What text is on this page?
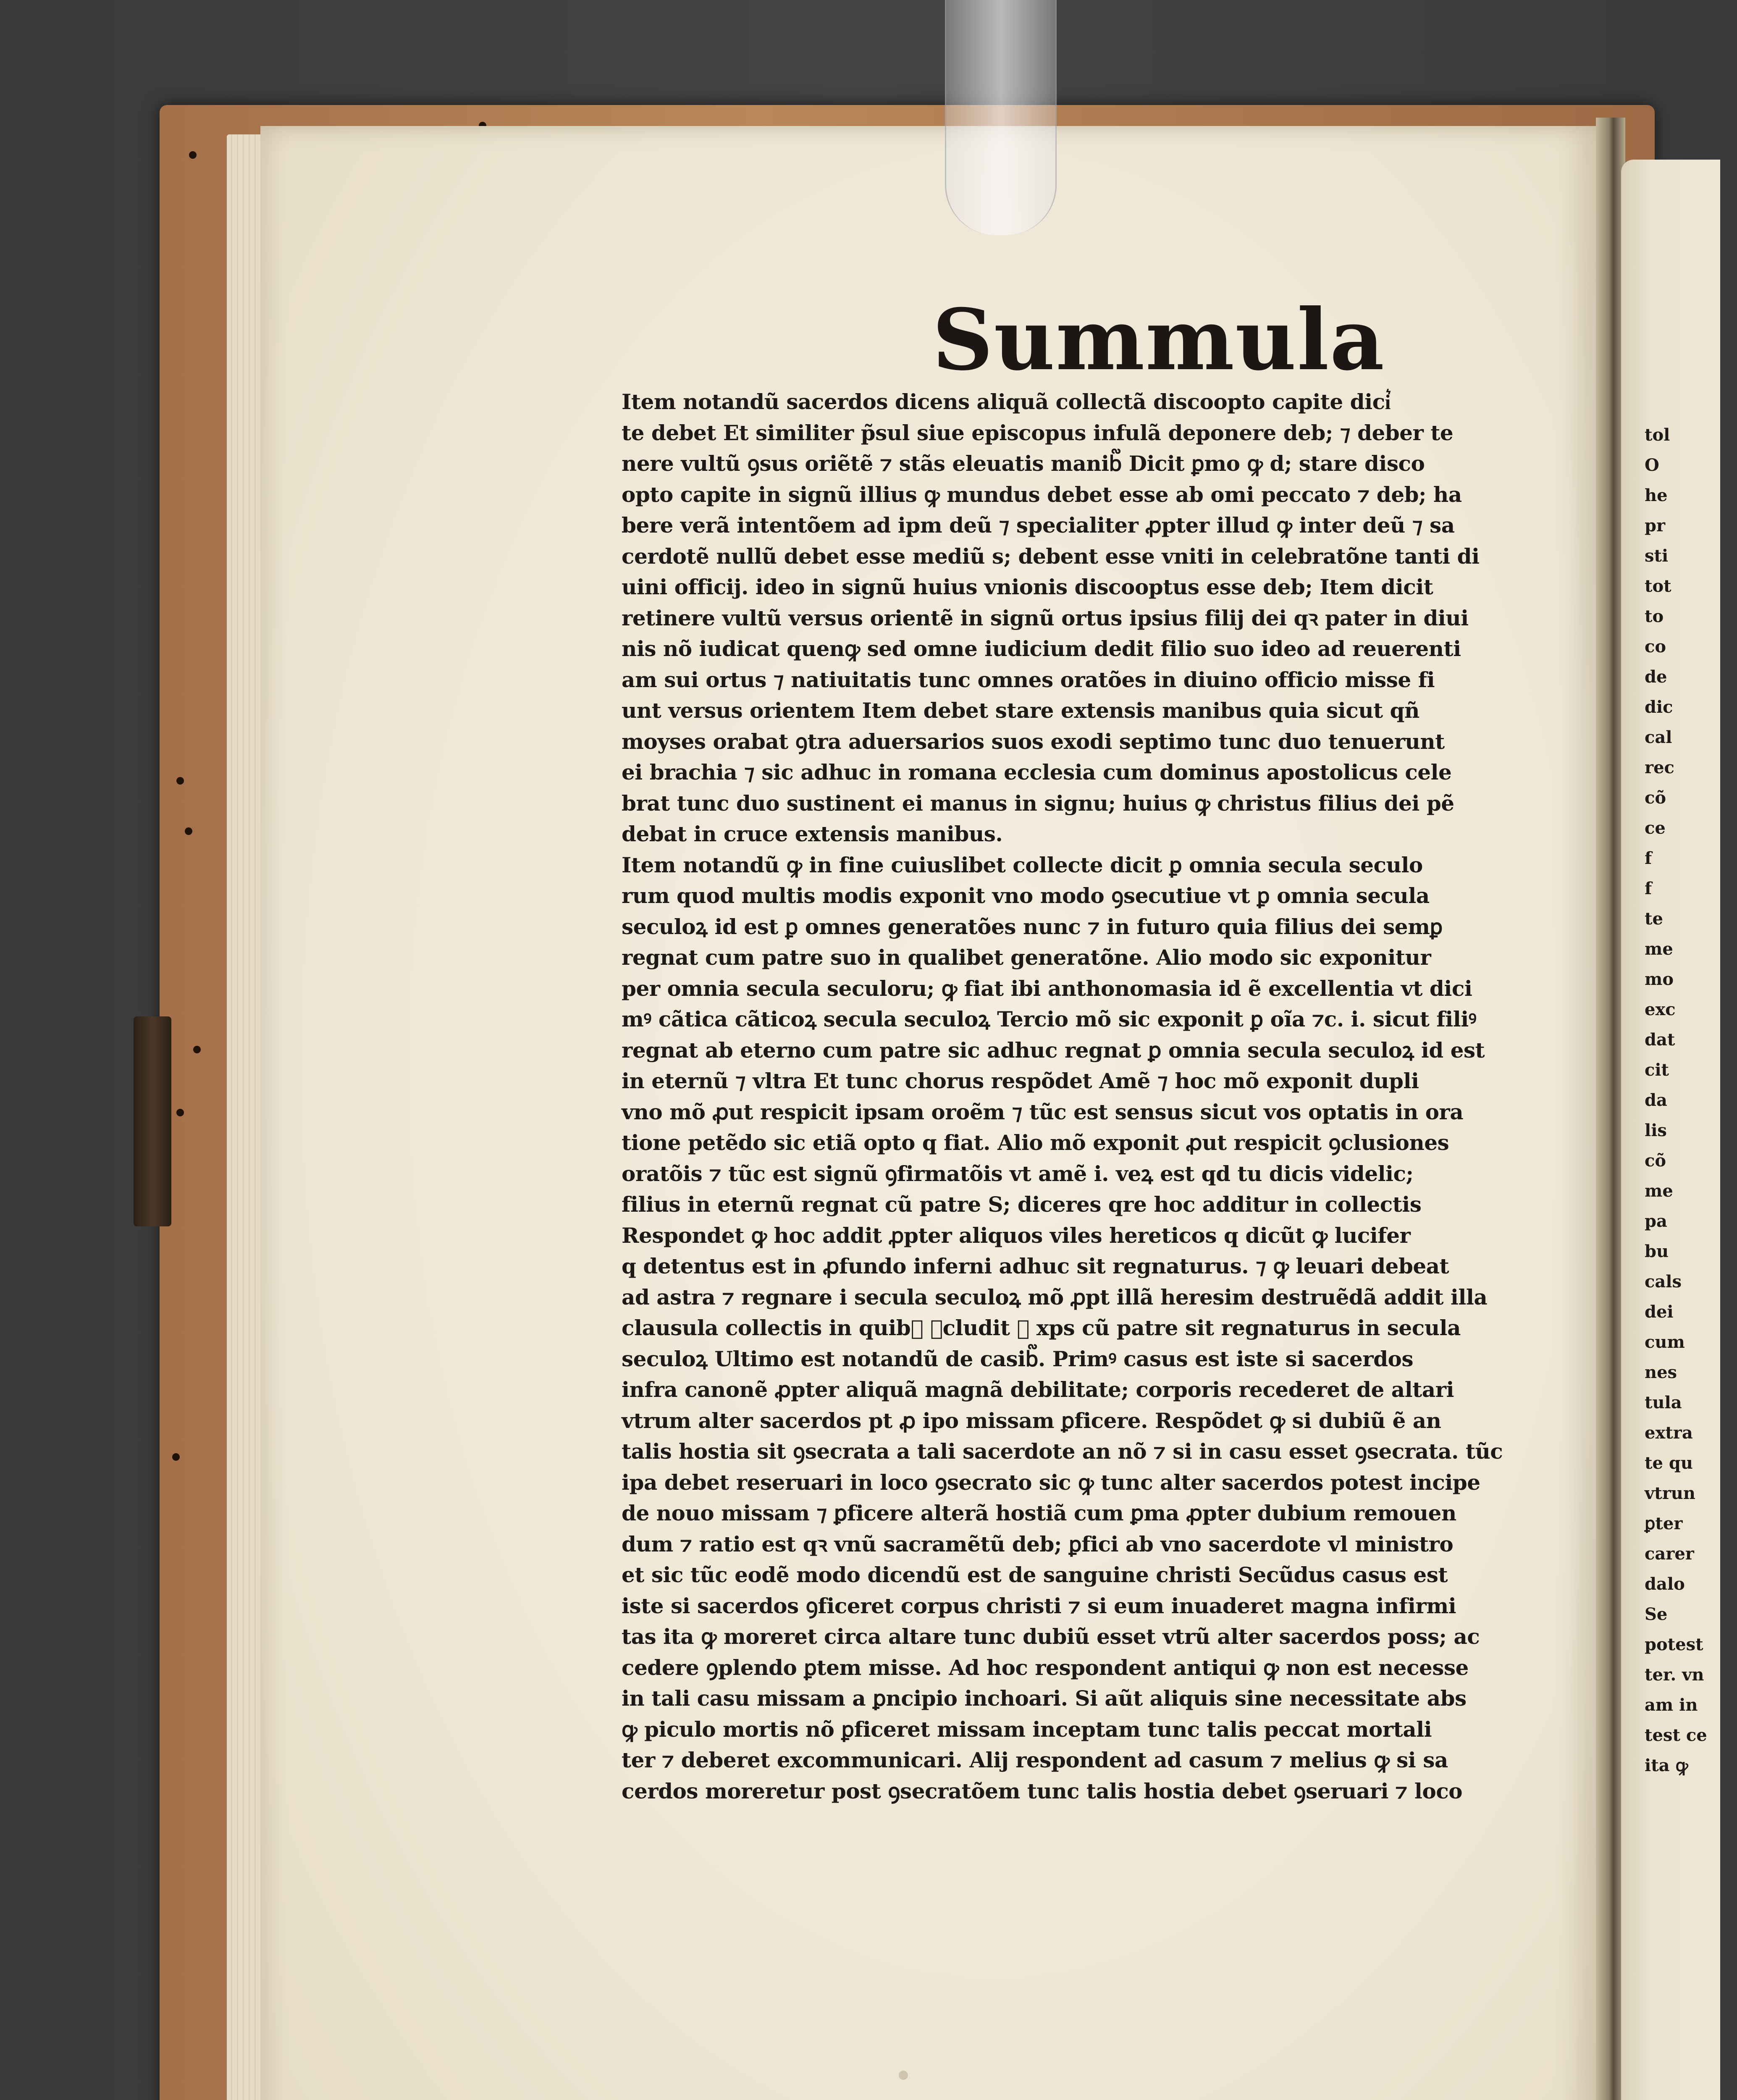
Summula
Item notandũ sacerdos dicens aliquã collectã discoopto capite dici͛
te debet Et similiter p̃sul siue episcopus infulã deponere deb; ⁊ deber te
nere vultũ ꝯsus oriẽtẽ ⁊ stãs eleuatis manib᷑ Dicit ꝑmo ꝙ d; stare disco
opto capite in signũ illius ꝙ mundus debet esse ab omi peccato ⁊ deb; ha
bere verã intentõem ad ipm deũ ⁊ specialiter ꝓpter illud ꝙ inter deũ ⁊ sa
cerdotẽ nullũ debet esse mediũ s; debent esse vniti in celebratõne tanti di
uini officij. ideo in signũ huius vnionis discooptus esse deb; Item dicit
retinere vultũ versus orientẽ in signũ ortus ipsius filij dei qꝛ pater in diui
nis nõ iudicat quenꝙ sed omne iudicium dedit filio suo ideo ad reuerenti
am sui ortus ⁊ natiuitatis tunc omnes oratões in diuino officio misse fi
unt versus orientem Item debet stare extensis manibus quia sicut qñ
moyses orabat ꝯtra aduersarios suos exodi septimo tunc duo tenuerunt
ei brachia ⁊ sic adhuc in romana ecclesia cum dominus apostolicus cele
brat tunc duo sustinent ei manus in signu; huius ꝙ christus filius dei pẽ
debat in cruce extensis manibus.
Item notandũ ꝙ in fine cuiuslibet collecte dicit ꝑ omnia secula seculo
rum quod multis modis exponit vno modo ꝯsecutiue vt ꝑ omnia secula
seculoꝝ id est ꝑ omnes generatões nunc ⁊ in futuro quia filius dei semꝑ
regnat cum patre suo in qualibet generatõne. Alio modo sic exponitur
per omnia secula seculoru; ꝙ fiat ibi anthonomasia id ẽ excellentia vt dici
mꝰ cãtica cãticoꝝ secula seculoꝝ Tercio mõ sic exponit ꝑ oĩa ⁊c. i. sicut filiꝰ
regnat ab eterno cum patre sic adhuc regnat ꝑ omnia secula seculoꝝ id est
in eternũ ⁊ vltra Et tunc chorus respõdet Amẽ ⁊ hoc mõ exponit dupli
vno mõ ꝓut respicit ipsam oroẽm ⁊ tũc est sensus sicut vos optatis in ora
tione petẽdo sic etiã opto q fiat. Alio mõ exponit ꝓut respicit ꝯclusiones
oratõis ⁊ tũc est signũ ꝯfirmatõis vt amẽ i. veꝝ est qd tu dicis videlic;
filius in eternũ regnat cũ patre S; diceres qre hoc additur in collectis
Respondet ꝙ hoc addit ꝓpter aliquos viles hereticos q dicũt ꝙ lucifer
q detentus est in ꝓfundo inferni adhuc sit regnaturus. ⁊ ꝙ leuari debeat
ad astra ⁊ regnare i secula seculoꝝ mõ ꝓpt illã heresim destruẽdã addit illa
clausula collectis in quib᷑ ꝯcludit ꝙ xps cũ patre sit regnaturus in secula
seculoꝝ Ultimo est notandũ de casib᷑. Primꝰ casus est iste si sacerdos
infra canonẽ ꝓpter aliquã magnã debilitate; corporis recederet de altari
vtrum alter sacerdos pt ꝓ ipo missam ꝑficere. Respõdet ꝙ si dubiũ ẽ an
talis hostia sit ꝯsecrata a tali sacerdote an nõ ⁊ si in casu esset ꝯsecrata. tũc
ipa debet reseruari in loco ꝯsecrato sic ꝙ tunc alter sacerdos potest incipe
de nouo missam ⁊ ꝑficere alterã hostiã cum ꝑma ꝓpter dubium remouen
dum ⁊ ratio est qꝛ vnũ sacramẽtũ deb; ꝑfici ab vno sacerdote vl ministro
et sic tũc eodẽ modo dicendũ est de sanguine christi Secũdus casus est
iste si sacerdos ꝯficeret corpus christi ⁊ si eum inuaderet magna infirmi
tas ita ꝙ moreret circa altare tunc dubiũ esset vtrũ alter sacerdos poss; ac
cedere ꝯplendo ꝑtem misse. Ad hoc respondent antiqui ꝙ non est necesse
in tali casu missam a ꝑncipio inchoari. Si aũt aliquis sine necessitate abs
ꝙ piculo mortis nõ ꝑficeret missam inceptam tunc talis peccat mortali
ter ⁊ deberet excommunicari. Alij respondent ad casum ⁊ melius ꝙ si sa
cerdos moreretur post ꝯsecratõem tunc talis hostia debet ꝯseruari ⁊ loco
tol
O
he
pr
sti
tot
to
co
de
dic
cal
rec
cõ
ce
f
f
te
me
mo
exc
dat
cit
da
lis
cõ
me
pa
bu
cals
dei
cum
nes
tula
extra
te qu
vtrun
ꝑter
carer
dalo
Se
potest
ter. vn
am in
test ce
ita ꝙ
